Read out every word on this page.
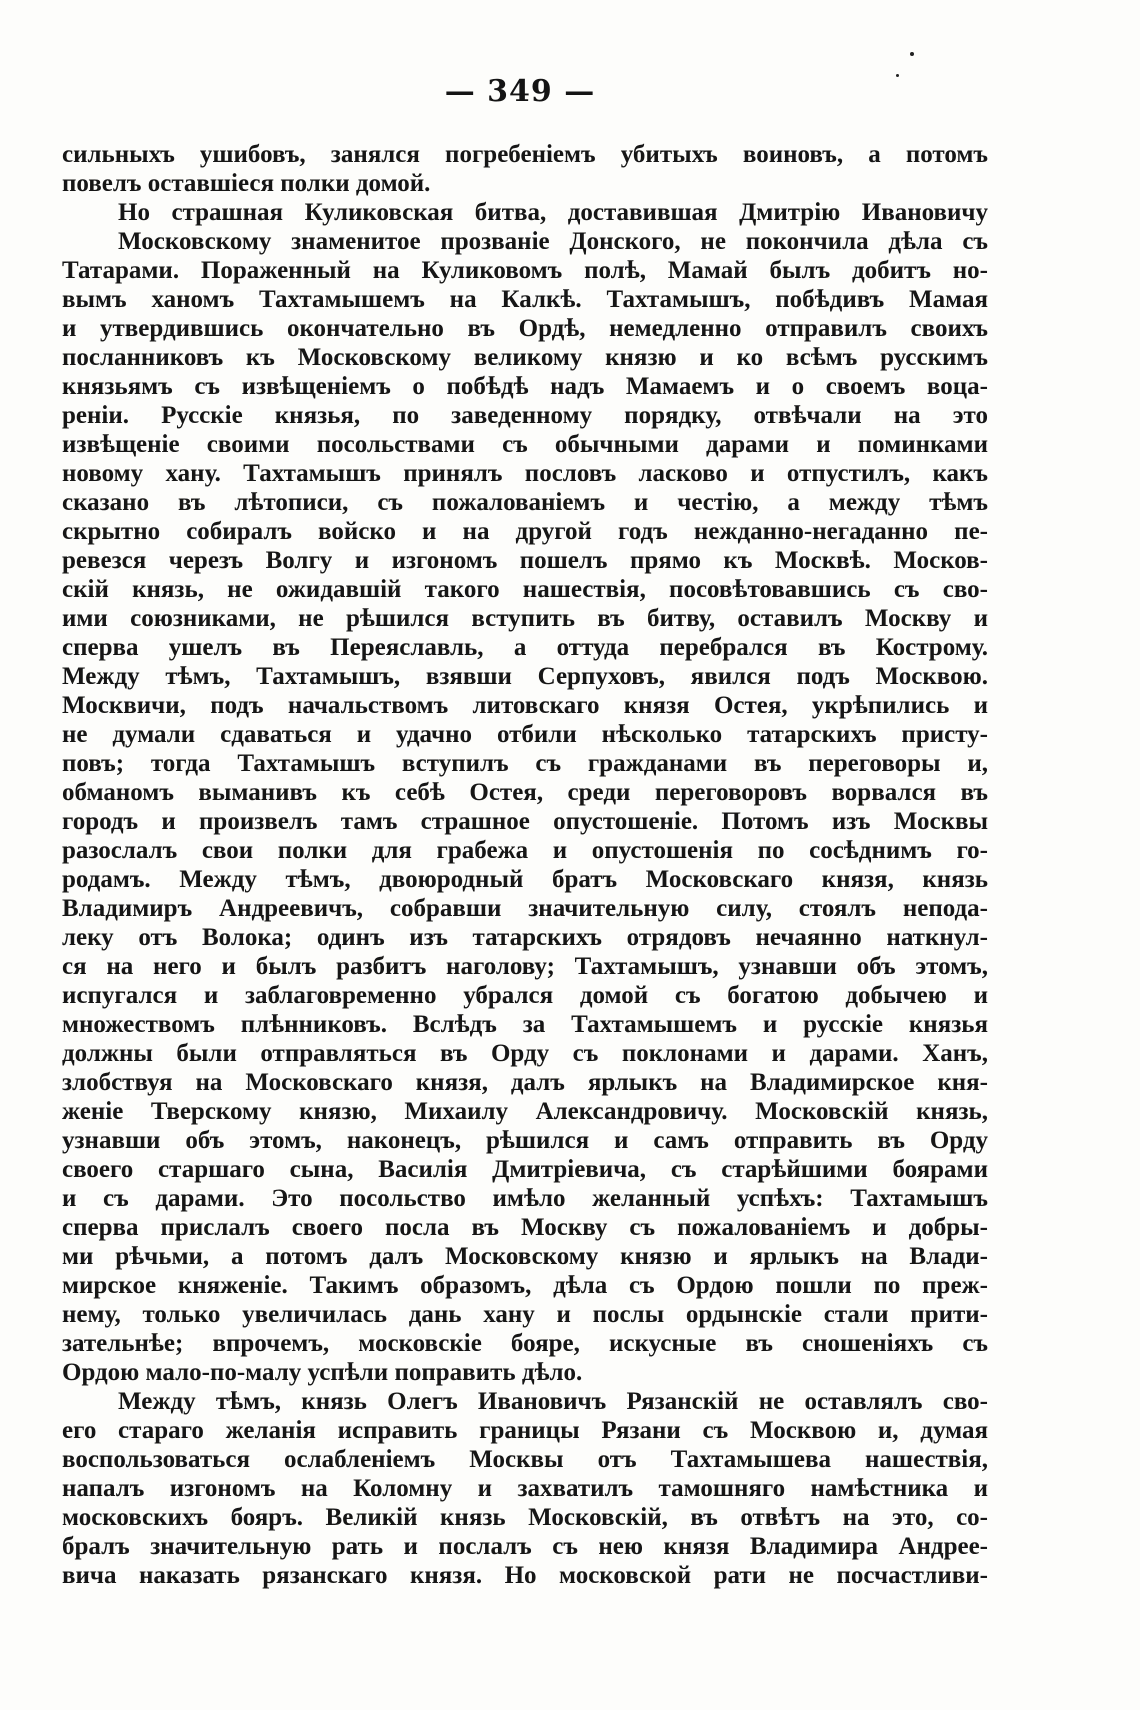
— 349 —
сильныхъ ушибовъ, занялся погребеніемъ убитыхъ воиновъ, а потомъ
повелъ оставшіеся полки домой.
Но страшная Куликовская битва, доставившая Дмитрію Ивановичу Московскому знаменитое прозваніе Донского, не покончила дѣла съ
Татарами. Пораженный на Куликовомъ полѣ, Мамай былъ добитъ но-
вымъ ханомъ Тахтамышемъ на Калкѣ. Тахтамышъ, побѣдивъ Мамая
и утвердившись окончательно въ Ордѣ, немедленно отправилъ своихъ
посланниковъ къ Московскому великому князю и ко всѣмъ русскимъ
князьямъ съ извѣщеніемъ о побѣдѣ надъ Мамаемъ и о своемъ воца-
реніи. Русскіе князья, по заведенному порядку, отвѣчали на это
извѣщеніе своими посольствами съ обычными дарами и поминками
новому хану. Тахтамышъ принялъ пословъ ласково и отпустилъ, какъ
сказано въ лѣтописи, съ пожалованіемъ и честію, а между тѣмъ
скрытно собиралъ войско и на другой годъ нежданно-негаданно пе-
ревезся черезъ Волгу и изгономъ пошелъ прямо къ Москвѣ. Москов-
скій князь, не ожидавшій такого нашествія, посовѣтовавшись съ сво-
ими союзниками, не рѣшился вступить въ битву, оставилъ Москву и
сперва ушелъ въ Переяславль, а оттуда перебрался въ Кострому.
Между тѣмъ, Тахтамышъ, взявши Серпуховъ, явился подъ Москвою.
Москвичи, подъ начальствомъ литовскаго князя Остея, укрѣпились и
не думали сдаваться и удачно отбили нѣсколько татарскихъ присту-
повъ; тогда Тахтамышъ вступилъ съ гражданами въ переговоры и,
обманомъ выманивъ къ себѣ Остея, среди переговоровъ ворвался въ
городъ и произвелъ тамъ страшное опустошеніе. Потомъ изъ Москвы
разослалъ свои полки для грабежа и опустошенія по сосѣднимъ го-
родамъ. Между тѣмъ, двоюродный братъ Московскаго князя, князь
Владимиръ Андреевичъ, собравши значительную силу, стоялъ непода-
леку отъ Волока; одинъ изъ татарскихъ отрядовъ нечаянно наткнул-
ся на него и былъ разбитъ наголову; Тахтамышъ, узнавши объ этомъ,
испугался и заблаговременно убрался домой съ богатою добычею и
множествомъ плѣнниковъ. Вслѣдъ за Тахтамышемъ и русскіе князья
должны были отправляться въ Орду съ поклонами и дарами. Ханъ,
злобствуя на Московскаго князя, далъ ярлыкъ на Владимирское кня-
женіе Тверскому князю, Михаилу Александровичу. Московскій князь,
узнавши объ этомъ, наконецъ, рѣшился и самъ отправить въ Орду
своего старшаго сына, Василія Дмитріевича, съ старѣйшими боярами
и съ дарами. Это посольство имѣло желанный успѣхъ: Тахтамышъ
сперва прислалъ своего посла въ Москву съ пожалованіемъ и добры-
ми рѣчьми, а потомъ далъ Московскому князю и ярлыкъ на Влади-
мирское княженіе. Такимъ образомъ, дѣла съ Ордою пошли по преж-
нему, только увеличилась дань хану и послы ордынскіе стали прити-
зательнѣе; впрочемъ, московскіе бояре, искусные въ сношеніяхъ съ
Ордою мало-по-малу успѣли поправить дѣло.
Между тѣмъ, князь Олегъ Ивановичъ Рязанскій не оставлялъ сво-
его стараго желанія исправить границы Рязани съ Москвою и, думая
воспользоваться ослабленіемъ Москвы отъ Тахтамышева нашествія,
напалъ изгономъ на Коломну и захватилъ тамошняго намѣстника и
московскихъ бояръ. Великій князь Московскій, въ отвѣтъ на это, со-
бралъ значительную рать и послалъ съ нею князя Владимира Андрее-
вича наказать рязанскаго князя. Но московской рати не посчастливи-
